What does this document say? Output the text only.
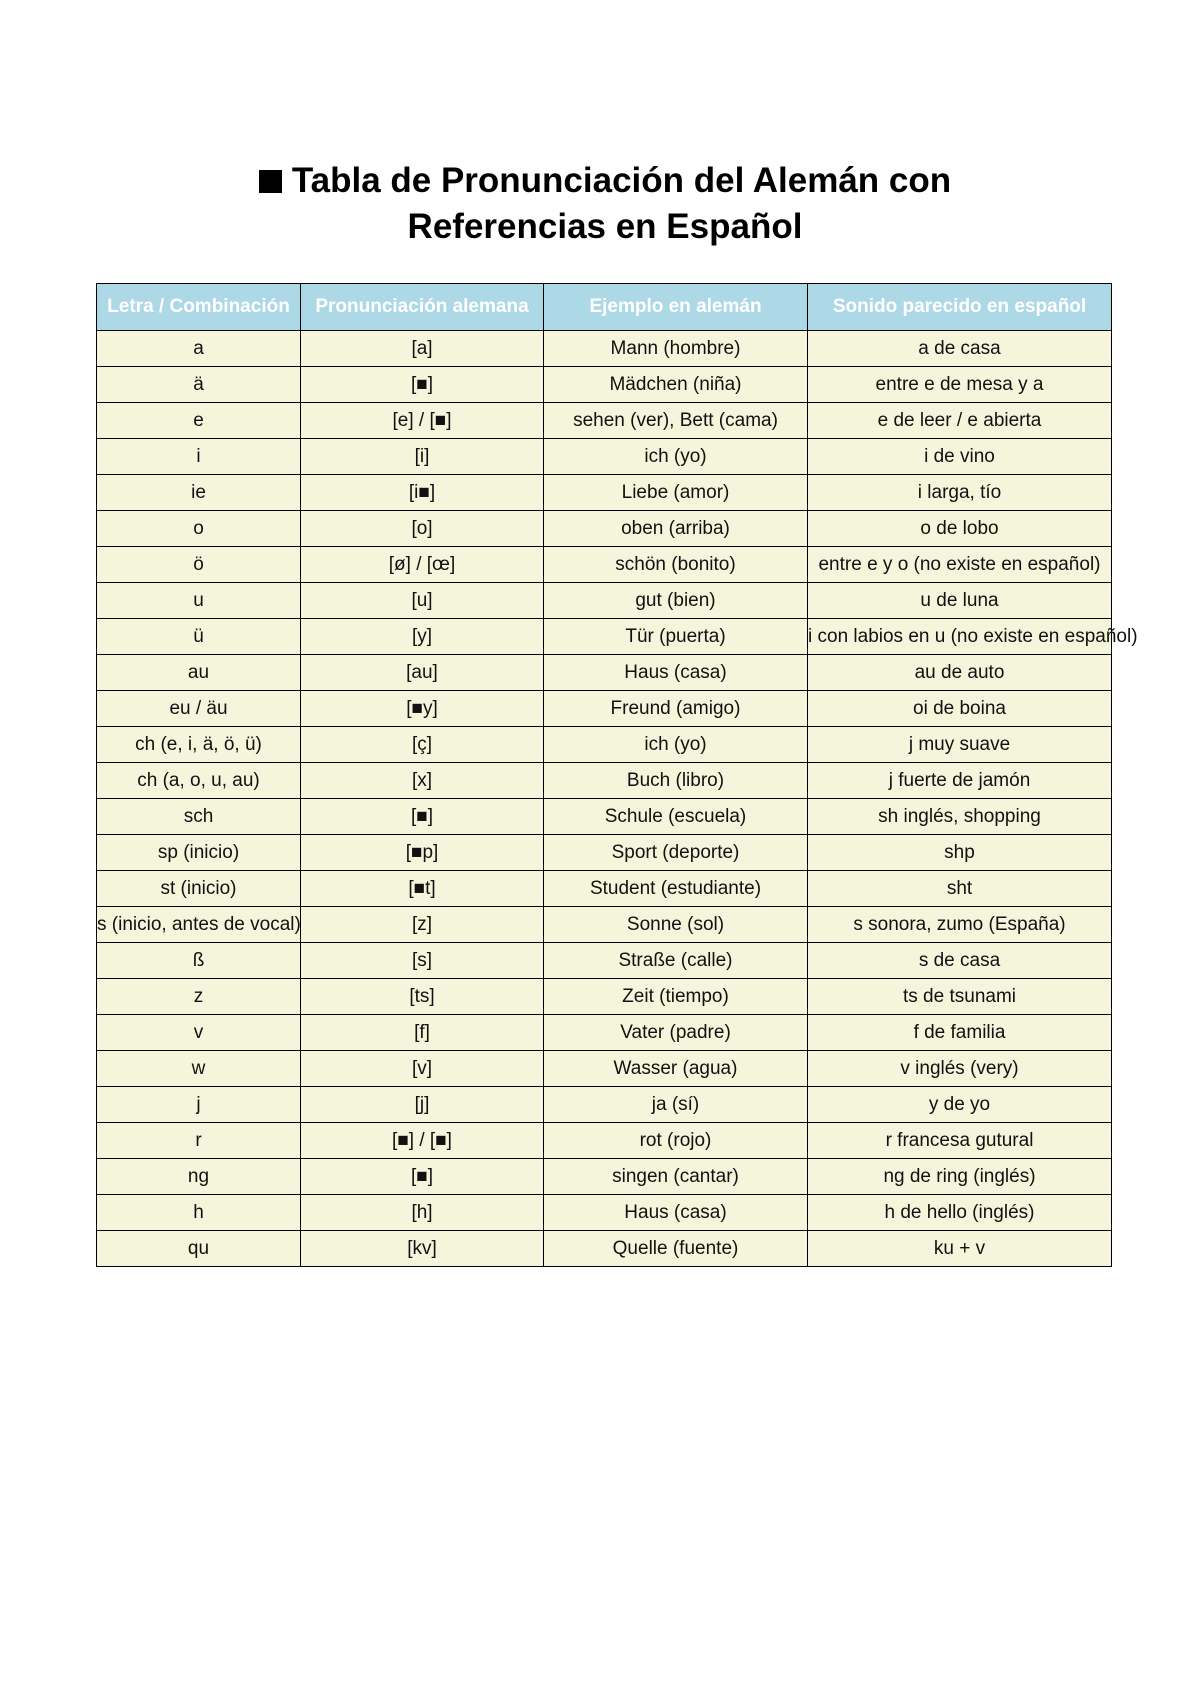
Tabla de Pronunciación del Alemán con
Referencias en Español
Letra / Combinación	Pronunciación alemana	Ejemplo en alemán	Sonido parecido en español
a	[a]	Mann (hombre)	a de casa
ä	[■]	Mädchen (niña)	entre e de mesa y a
e	[e] / [■]	sehen (ver), Bett (cama)	e de leer / e abierta
i	[i]	ich (yo)	i de vino
ie	[i■]	Liebe (amor)	i larga, tío
o	[o]	oben (arriba)	o de lobo
ö	[ø] / [œ]	schön (bonito)	entre e y o (no existe en español)
u	[u]	gut (bien)	u de luna
ü	[y]	Tür (puerta)	i con labios en u (no existe en español)
au	[au]	Haus (casa)	au de auto
eu / äu	[■y]	Freund (amigo)	oi de boina
ch (e, i, ä, ö, ü)	[ç]	ich (yo)	j muy suave
ch (a, o, u, au)	[x]	Buch (libro)	j fuerte de jamón
sch	[■]	Schule (escuela)	sh inglés, shopping
sp (inicio)	[■p]	Sport (deporte)	shp
st (inicio)	[■t]	Student (estudiante)	sht
s (inicio, antes de vocal)	[z]	Sonne (sol)	s sonora, zumo (España)
ß	[s]	Straße (calle)	s de casa
z	[ts]	Zeit (tiempo)	ts de tsunami
v	[f]	Vater (padre)	f de familia
w	[v]	Wasser (agua)	v inglés (very)
j	[j]	ja (sí)	y de yo
r	[■] / [■]	rot (rojo)	r francesa gutural
ng	[■]	singen (cantar)	ng de ring (inglés)
h	[h]	Haus (casa)	h de hello (inglés)
qu	[kv]	Quelle (fuente)	ku + v
